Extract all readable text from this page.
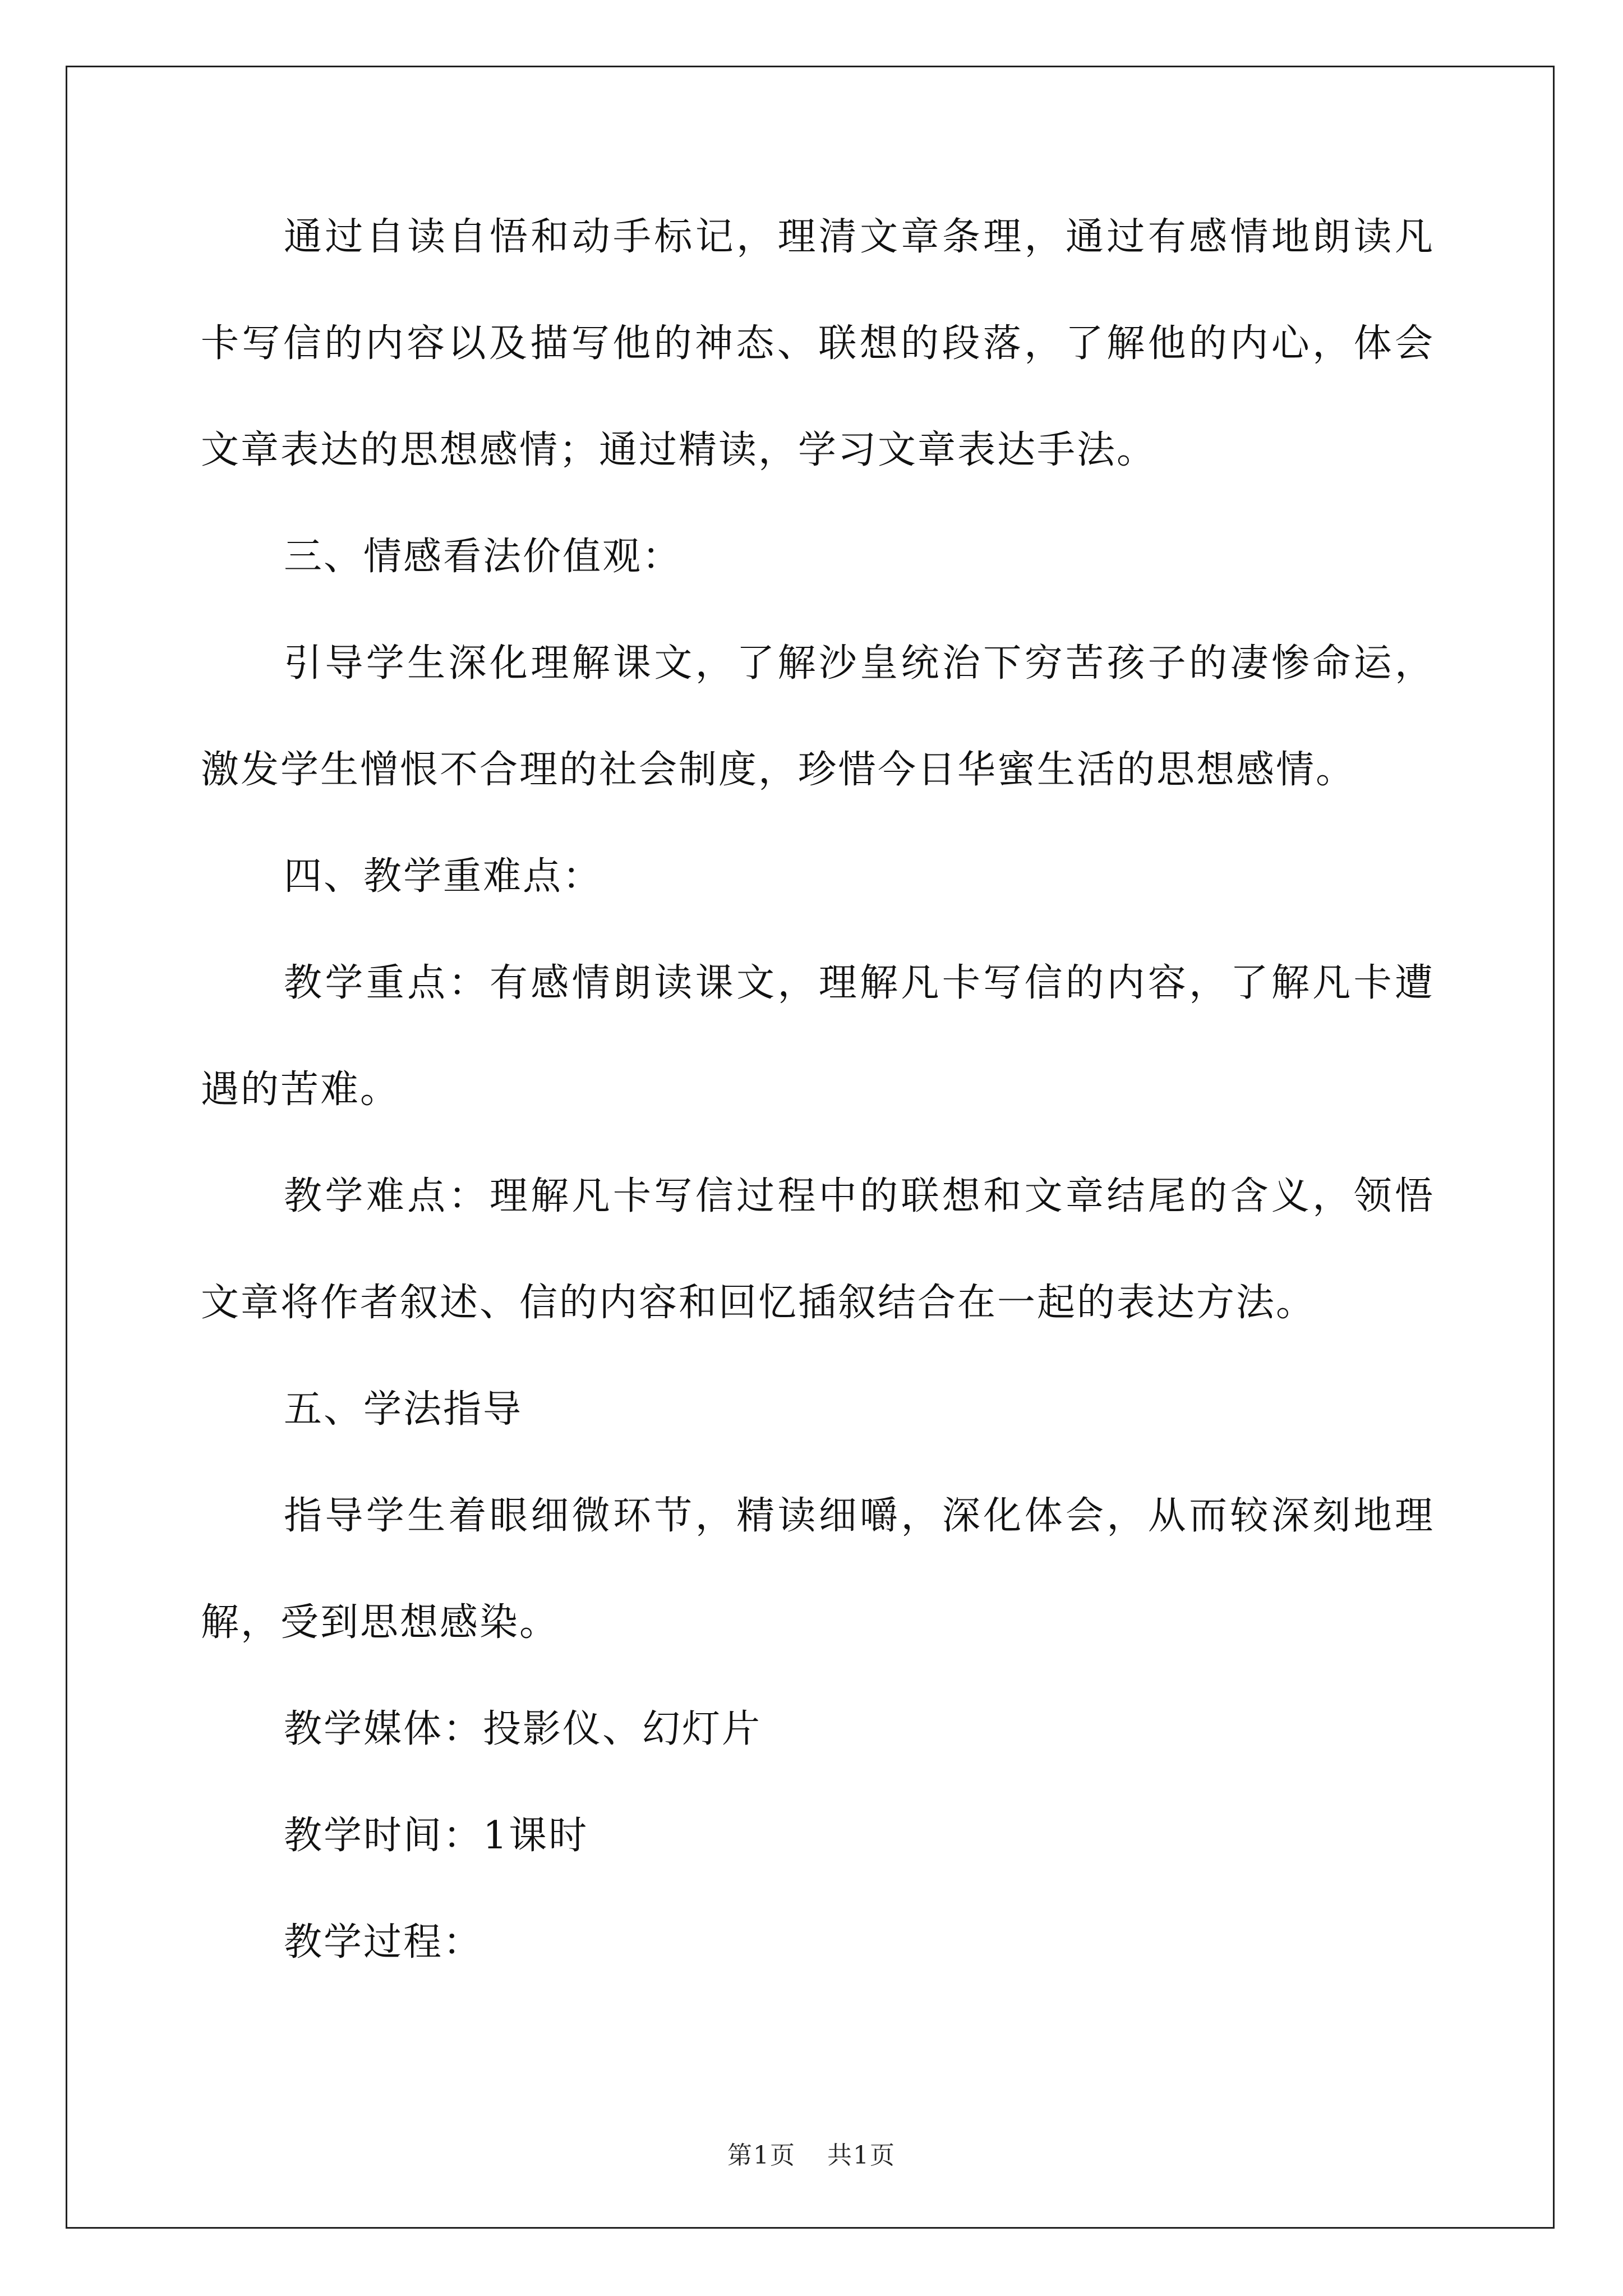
通过自读自悟和动手标记，理清文章条理，通过有感情地朗读凡卡写信的内容以及描写他的神态、联想的段落，了解他的内心，体会文章表达的思想感情；通过精读，学习文章表达手法。

三、情感看法价值观：

引导学生深化理解课文，了解沙皇统治下穷苦孩子的凄惨命运，激发学生憎恨不合理的社会制度，珍惜今日华蜜生活的思想感情。

四、教学重难点：

教学重点：有感情朗读课文，理解凡卡写信的内容，了解凡卡遭遇的苦难。

教学难点：理解凡卡写信过程中的联想和文章结尾的含义，领悟文章将作者叙述、信的内容和回忆插叙结合在一起的表达方法。

五、学法指导

指导学生着眼细微环节，精读细嚼，深化体会，从而较深刻地理解，受到思想感染。

教学媒体：投影仪、幻灯片

教学时间：1课时

教学过程：

第1页 共1页
